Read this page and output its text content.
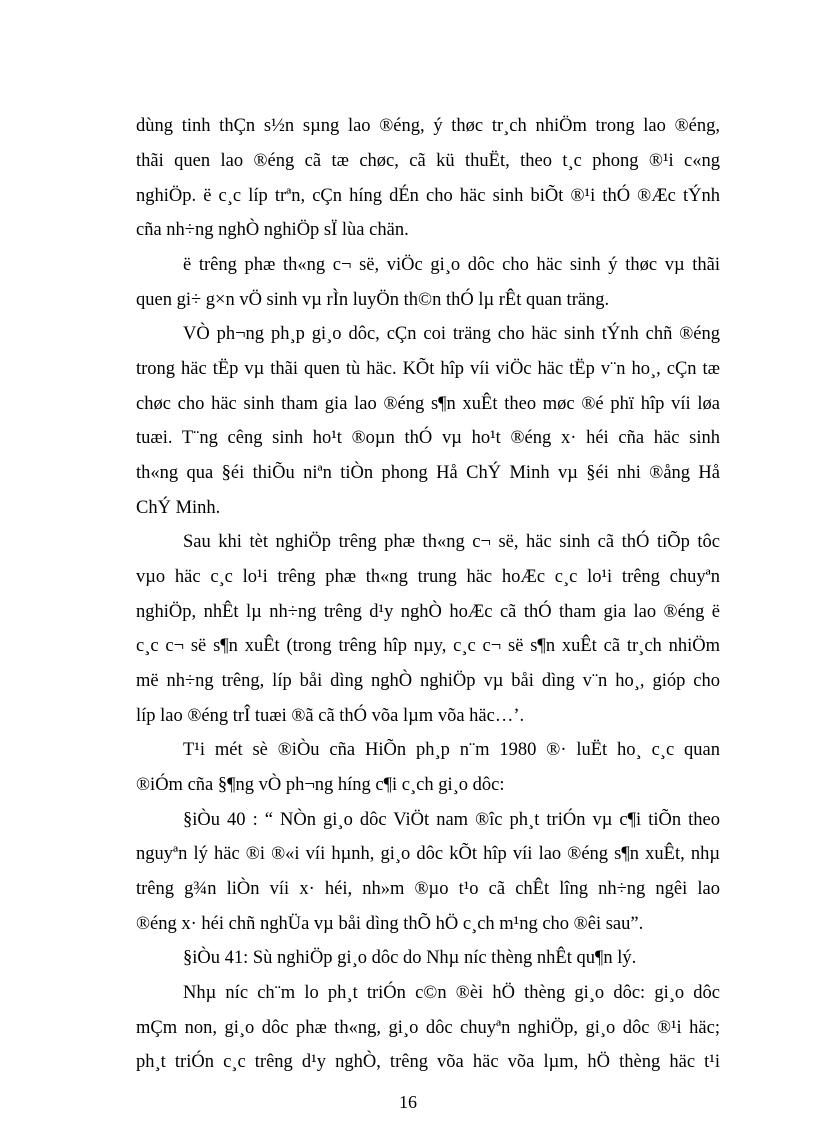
dùng tinh thÇn s½n sµng lao ®éng, ý thøc tr¸ch nhiÖm trong lao ®éng,
thãi quen lao ®éng cã tæ chøc, cã kü thuËt, theo t¸c phong ®¹i c«ng
nghiÖp. ë c¸c líp trªn, cÇn híng dÉn cho häc sinh biÕt ®¹i thÓ ®Æc tÝnh
cña nh÷ng nghÒ nghiÖp sÏ lùa chän.
ë trêng phæ th«ng c¬ së, viÖc gi¸o dôc cho häc sinh ý thøc vµ thãi
quen gi÷ g×n vÖ sinh vµ rÌn luyÖn th©n thÓ lµ rÊt quan träng.
VÒ ph¬ng ph¸p gi¸o dôc, cÇn coi träng cho häc sinh tÝnh chñ ®éng
trong häc tËp vµ thãi quen tù häc. KÕt hîp víi viÖc häc tËp v¨n ho¸, cÇn tæ
chøc cho häc sinh tham gia lao ®éng s¶n xuÊt theo møc ®é phï hîp víi løa
tuæi. T¨ng cêng sinh ho¹t ®oµn thÓ vµ ho¹t ®éng x· héi cña häc sinh
th«ng qua §éi thiÕu niªn tiÒn phong Hå ChÝ Minh vµ §éi nhi ®ång Hå
ChÝ Minh.
Sau khi tèt nghiÖp trêng phæ th«ng c¬ së, häc sinh cã thÓ tiÕp tôc
vµo häc c¸c lo¹i trêng phæ th«ng trung häc hoÆc c¸c lo¹i trêng chuyªn
nghiÖp, nhÊt lµ nh÷ng trêng d¹y nghÒ hoÆc cã thÓ tham gia lao ®éng ë
c¸c c¬ së s¶n xuÊt (trong trêng hîp nµy, c¸c c¬ së s¶n xuÊt cã tr¸ch nhiÖm
më nh÷ng trêng, líp båi dìng nghÒ nghiÖp vµ båi dìng v¨n ho¸, gióp cho
líp lao ®éng trÎ tuæi ®ã cã thÓ võa lµm võa häc…’.
T¹i mét sè ®iÒu cña HiÕn ph¸p n¨m 1980 ®· luËt ho¸ c¸c quan
®iÓm cña §¶ng vÒ ph¬ng híng c¶i c¸ch gi¸o dôc:
§iÒu 40 : “ NÒn gi¸o dôc ViÖt nam ®îc ph¸t triÓn vµ c¶i tiÕn theo
nguyªn lý häc ®i ®«i víi hµnh, gi¸o dôc kÕt hîp víi lao ®éng s¶n xuÊt, nhµ
trêng g¾n liÒn víi x· héi, nh»m ®µo t¹o cã chÊt lîng nh÷ng ngêi lao
®éng x· héi chñ nghÜa vµ båi dìng thÕ hÖ c¸ch m¹ng cho ®êi sau”.
§iÒu 41: Sù nghiÖp gi¸o dôc do Nhµ níc thèng nhÊt qu¶n lý.
Nhµ níc ch¨m lo ph¸t triÓn c©n ®èi hÖ thèng gi¸o dôc: gi¸o dôc
mÇm non, gi¸o dôc phæ th«ng, gi¸o dôc chuyªn nghiÖp, gi¸o dôc ®¹i häc;
ph¸t triÓn c¸c trêng d¹y nghÒ, trêng võa häc võa lµm, hÖ thèng häc t¹i
16
